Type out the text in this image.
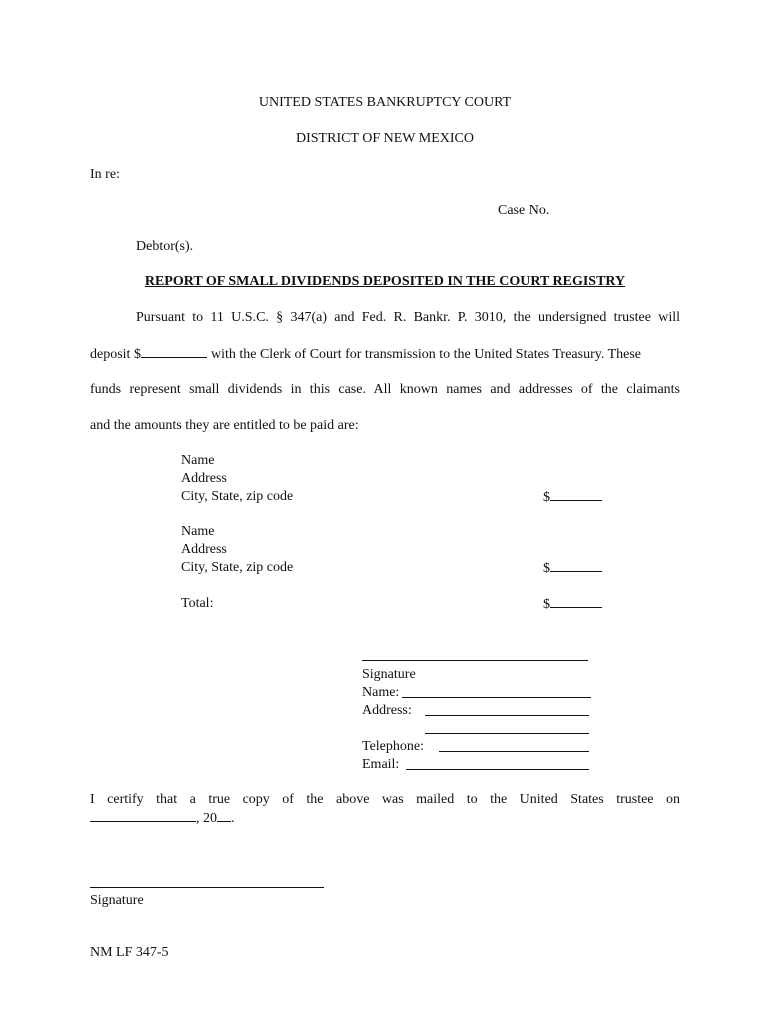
UNITED STATES BANKRUPTCY COURT
DISTRICT OF NEW MEXICO
In re:
Case No.
Debtor(s).
REPORT OF SMALL DIVIDENDS DEPOSITED IN THE COURT REGISTRY
Pursuant to 11 U.S.C. § 347(a) and Fed. R. Bankr. P. 3010, the undersigned trustee will
deposit $	with the Clerk of Court for transmission to the United States Treasury. These
funds represent small dividends in this case. All known names and addresses of the claimants
and the amounts they are entitled to be paid are:
Name
Address
City, State, zip code	$
Name
Address
City, State, zip code	$
Total:	$
Signature
Name:
Address:
Telephone:
Email:
I certify that a true copy of the above was mailed to the United States trustee on
, 20 .
Signature
NM LF 347-5
